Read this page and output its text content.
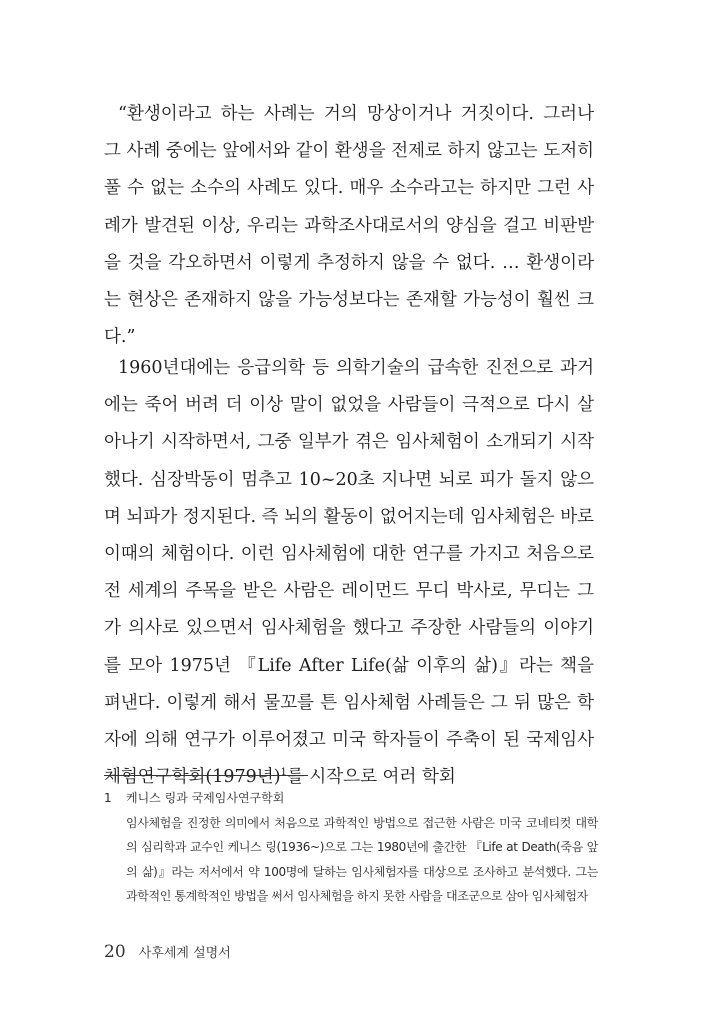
“환생이라고 하는 사례는 거의 망상이거나 거짓이다. 그러나 그 사례 중에는 앞에서와 같이 환생을 전제로 하지 않고는 도저히 풀 수 없는 소수의 사례도 있다. 매우 소수라고는 하지만 그런 사례가 발견된 이상, 우리는 과학조사대로서의 양심을 걸고 비판받을 것을 각오하면서 이렇게 추정하지 않을 수 없다. … 환생이라는 현상은 존재하지 않을 가능성보다는 존재할 가능성이 훨씬 크다.”

1960년대에는 응급의학 등 의학기술의 급속한 진전으로 과거에는 죽어 버려 더 이상 말이 없었을 사람들이 극적으로 다시 살아나기 시작하면서, 그중 일부가 겪은 임사체험이 소개되기 시작했다. 심장박동이 멈추고 10~20초 지나면 뇌로 피가 돌지 않으며 뇌파가 정지된다. 즉 뇌의 활동이 없어지는데 임사체험은 바로 이때의 체험이다. 이런 임사체험에 대한 연구를 가지고 처음으로 전 세계의 주목을 받은 사람은 레이먼드 무디 박사로, 무디는 그가 의사로 있으면서 임사체험을 했다고 주장한 사람들의 이야기를 모아 1975년 『Life After Life(삶 이후의 삶)』라는 책을 펴낸다. 이렇게 해서 물꼬를 튼 임사체험 사례들은 그 뒤 많은 학자에 의해 연구가 이루어졌고 미국 학자들이 주축이 된 국제임사체험연구학회(1979년)$^1$를 시작으로 여러 학회

1	케니스 링과 국제임사연구학회
임사체험을 진정한 의미에서 처음으로 과학적인 방법으로 접근한 사람은 미국 코네티컷 대학의 심리학과 교수인 케니스 링(1936~)으로 그는 1980년에 출간한 『Life at Death(죽음 앞의 삶)』라는 저서에서 약 100명에 달하는 임사체험자를 대상으로 조사하고 분석했다. 그는 과학적인 통계학적인 방법을 써서 임사체험을 하지 못한 사람을 대조군으로 삼아 임사체험자
20 사후세계 설명서
